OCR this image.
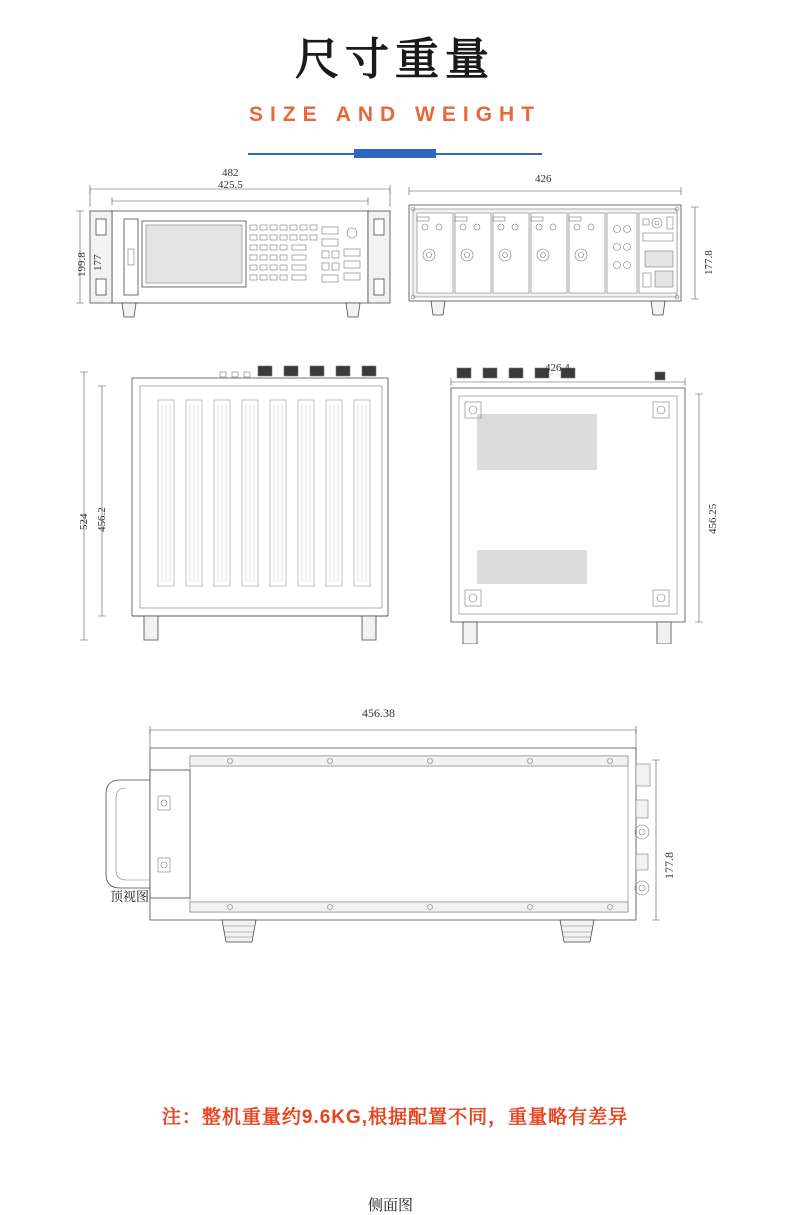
尺寸重量
SIZE AND WEIGHT
482
425.5
199.8 177
426
177.8
524 456.2
顶视图
426.4
456.25
456.38
177.8
侧面图
注：整机重量约9.6KG,根据配置不同，重量略有差异
